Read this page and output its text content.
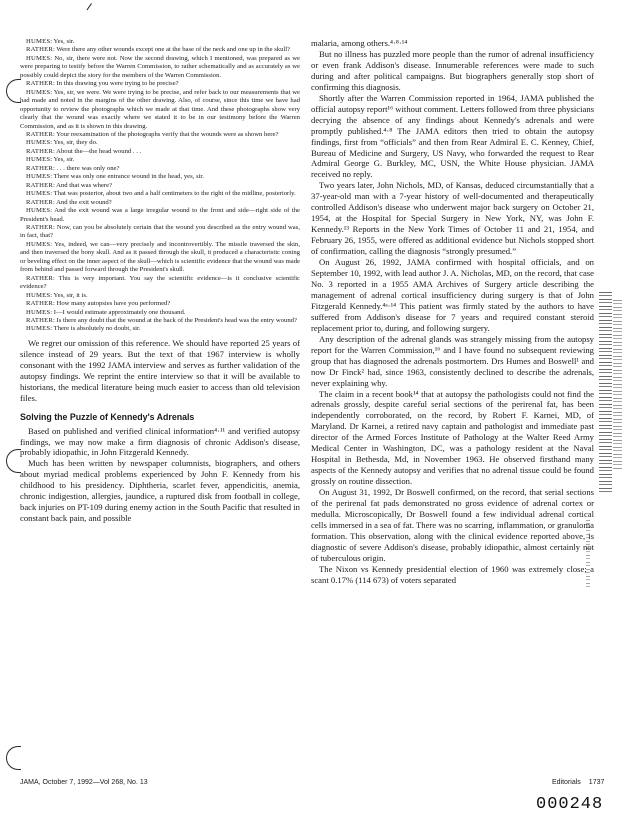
HUMES: Yes, sir.

RATHER: Were there any other wounds except one at the base of the neck and one up in the skull?

HUMES: No, sir, there were not. Now the second drawing, which I mentioned, was prepared as we were preparing to testify before the Warren Commission, to rather schematically and as accurately as we possibly could depict the story for the members of the Warren Commission.

RATHER: In this drawing you were trying to be precise?

HUMES: Yes, sir, we were. We were trying to be precise, and refer back to our measurements that we had made and noted in the margins of the other drawing. Also, of course, since this time we have had opportunity to review the photographs which we made at that time. And these photographs show very clearly that the wound was exactly where we stated it to be in our testimony before the Warren Commission, and as it is shown in this drawing.

RATHER: Your reexamination of the photographs verify that the wounds were as shown here?

HUMES: Yes, sir, they do.

RATHER: About the—the head wound . . .

HUMES: Yes, sir.

RATHER: . . . there was only one?

HUMES: There was only one entrance wound in the head, yes, sir.

RATHER: And that was where?

HUMES: That was posterior, about two and a half centimeters to the right of the midline, posteriorly.

RATHER: And the exit wound?

HUMES: And the exit wound was a large irregular wound to the front and side—right side of the President's head.

RATHER: Now, can you be absolutely certain that the wound you described as the entry wound was, in fact, that?

HUMES: Yes, indeed, we can—very precisely and incontrovertibly. The missile traversed the skin, and then traversed the bony skull. And as it passed through the skull, it produced a characteristic coning or beveling effect on the inner aspect of the skull—which is scientific evidence that the wound was made from behind and passed forward through the President's skull.

RATHER: This is very important. You say the scientific evidence—is it conclusive scientific evidence?

HUMES: Yes, sir, it is.

RATHER: How many autopsies have you performed?

HUMES: I—I would estimate approximately one thousand.

RATHER: Is there any doubt that the wound at the back of the President's head was the entry wound?

HUMES: There is absolutely no doubt, sir.

We regret our omission of this reference. We should have reported 25 years of silence instead of 29 years. But the text of that 1967 interview is wholly consonant with the 1992 JAMA interview and serves as further validation of the autopsy findings. We reprint the entire interview so that it will be available to historians, the medical literature being much easier to access than old television files.

Solving the Puzzle of Kennedy's Adrenals

Based on published and verified clinical information⁴·¹¹ and verified autopsy findings, we may now make a firm diagnosis of chronic Addison's disease, probably idiopathic, in John Fitzgerald Kennedy.

Much has been written by newspaper columnists, biographers, and others about myriad medical problems experienced by John F. Kennedy from his childhood to his presidency. Diphtheria, scarlet fever, appendicitis, anemia, chronic indigestion, allergies, jaundice, a ruptured disk from football in college, back injuries on PT-109 during enemy action in the South Pacific that resulted in constant back pain, and possible

malaria, among others.⁴·⁸·¹⁴

But no illness has puzzled more people than the rumor of adrenal insufficiency or even frank Addison's disease. Innumerable references were made to such during and after political campaigns. But biographers generally stop short of confirming this diagnosis.

Shortly after the Warren Commission reported in 1964, JAMA published the official autopsy report¹⁶ without comment. Letters followed from three physicians decrying the absence of any findings about Kennedy's adrenals and were promptly published.⁴·⁸ The JAMA editors then tried to obtain the autopsy findings, first from “officials” and then from Rear Admiral E. C. Kenney, Chief, Bureau of Medicine and Surgery, US Navy, who forwarded the request to Rear Admiral George G. Burkley, MC, USN, the White House physician. JAMA received no reply.

Two years later, John Nichols, MD, of Kansas, deduced circumstantially that a 37-year-old man with a 7-year history of well-documented and therapeutically controlled Addison's disease who underwent major back surgery on October 21, 1954, at the Hospital for Special Surgery in New York, NY, was John F. Kennedy.¹³ Reports in the New York Times of October 11 and 21, 1954, and February 26, 1955, were offered as additional evidence but Nichols stopped short of confirmation, calling the diagnosis “strongly presumed.”

On August 26, 1992, JAMA confirmed with hospital officials, and on September 10, 1992, with lead author J. A. Nicholas, MD, on the record, that case No. 3 reported in a 1955 AMA Archives of Surgery article describing the management of adrenal cortical insufficiency during surgery is that of John Fitzgerald Kennedy.⁴ᵃ·¹⁴ This patient was firmly stated by the authors to have suffered from Addison's disease for 7 years and required constant steroid replacement prior to, during, and following surgery.

Any description of the adrenal glands was strangely missing from the autopsy report for the Warren Commission,¹⁶ and I have found no subsequent reviewing group that has diagnosed the adrenals postmortem. Drs Humes and Boswell¹ and now Dr Finck² had, since 1963, consistently declined to describe the adrenals, never explaining why.

The claim in a recent book¹⁴ that at autopsy the pathologists could not find the adrenals grossly, despite careful serial sections of the perirenal fat, has been independently corroborated, on the record, by Robert F. Karnei, MD, of Maryland. Dr Karnei, a retired navy captain and pathologist and immediate past director of the Armed Forces Institute of Pathology at the Walter Reed Army Medical Center in Washington, DC, was a pathology resident at the Naval Hospital in Bethesda, Md, in November 1963. He observed firsthand many aspects of the Kennedy autopsy and verifies that no adrenal tissue could be found grossly on routine dissection.

On August 31, 1992, Dr Boswell confirmed, on the record, that serial sections of the perirenal fat pads demonstrated no gross evidence of adrenal cortex or medulla. Microscopically, Dr Boswell found a few individual adrenal cortical cells immersed in a sea of fat. There was no scarring, inflammation, or granuloma formation. This observation, along with the clinical evidence reported above, is diagnostic of severe Addison's disease, probably idiopathic, almost certainly not of tuberculous origin.

The Nixon vs Kennedy presidential election of 1960 was extremely close; a scant 0.17% (114 673) of voters separated

JAMA, October 7, 1992—Vol 268, No. 13	Editorials 1737
000248
